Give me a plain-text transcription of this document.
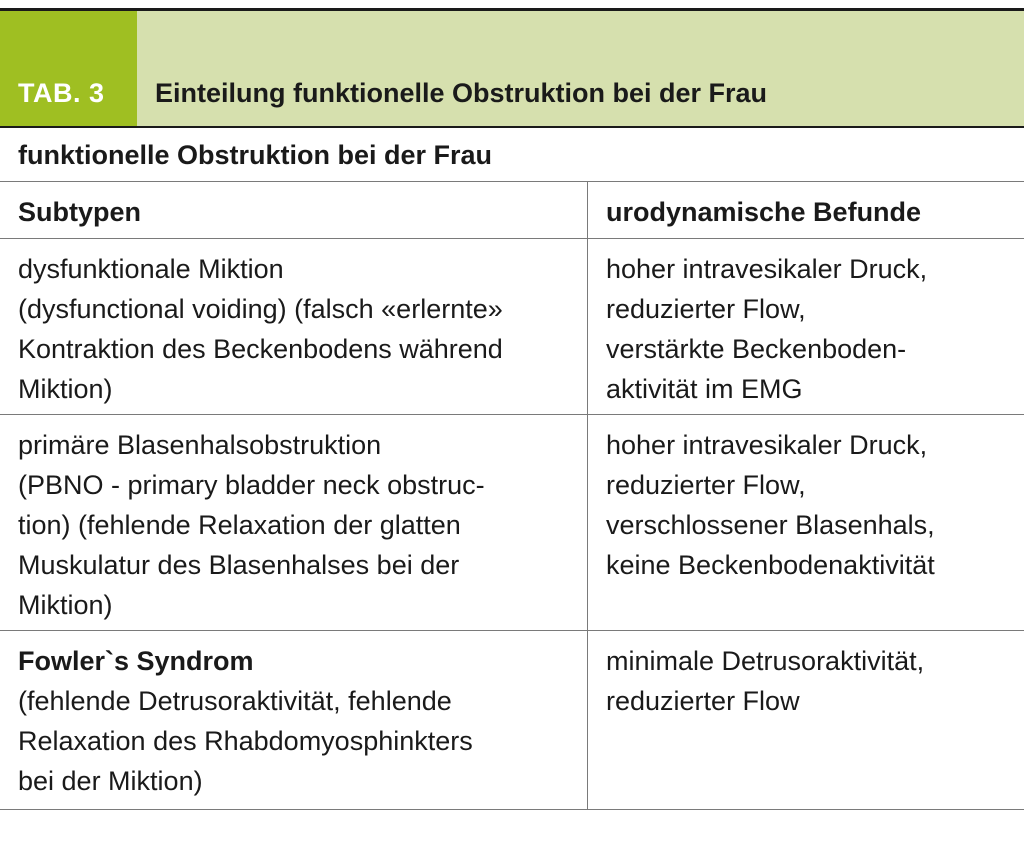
TAB. 3	Einteilung funktionelle Obstruktion bei der Frau
funktionelle Obstruktion bei der Frau
Subtypen	urodynamische Befunde
dysfunktionale Miktion
(dysfunctional voiding) (falsch «erlernte»
Kontraktion des Beckenbodens während
Miktion)
hoher intravesikaler Druck,
reduzierter Flow,
verstärkte Beckenboden-
aktivität im EMG
primäre Blasenhalsobstruktion
(PBNO - primary bladder neck obstruc-
tion) (fehlende Relaxation der glatten
Muskulatur des Blasenhalses bei der
Miktion)
hoher intravesikaler Druck,
reduzierter Flow,
verschlossener Blasenhals,
keine Beckenbodenaktivität
Fowler`s Syndrom
(fehlende Detrusoraktivität, fehlende
Relaxation des Rhabdomyosphinkters
bei der Miktion)
minimale Detrusoraktivität,
reduzierter Flow
